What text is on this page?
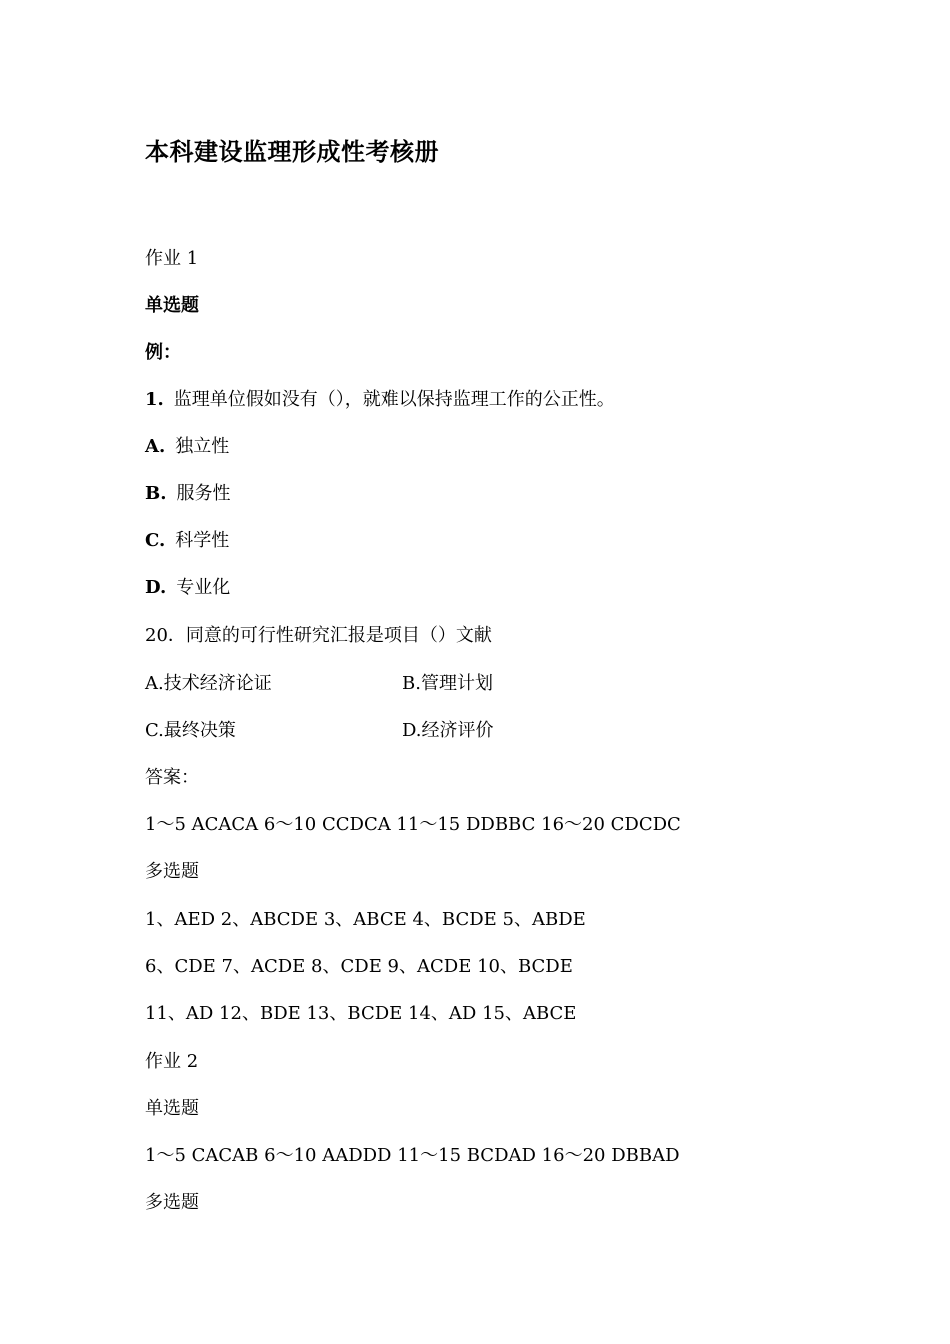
本科建设监理形成性考核册
作业 1
单选题
例：
1. 监理单位假如没有（），就难以保持监理工作的公正性。
A. 独立性
B. 服务性
C. 科学性
D. 专业化
20．同意的可行性研究汇报是项目（）文献
A.技术经济论证	B.管理计划
C.最终决策	D.经济评价
答案：
1～5 ACACA 6～10 CCDCA 11～15 DDBBC 16～20 CDCDC
多选题
1、AED 2、ABCDE 3、ABCE 4、BCDE 5、ABDE
6、CDE 7、ACDE 8、CDE 9、ACDE 10、BCDE
11、AD 12、BDE 13、BCDE 14、AD 15、ABCE
作业 2
单选题
1～5 CACAB 6～10 AADDD 11～15 BCDAD 16～20 DBBAD
多选题
